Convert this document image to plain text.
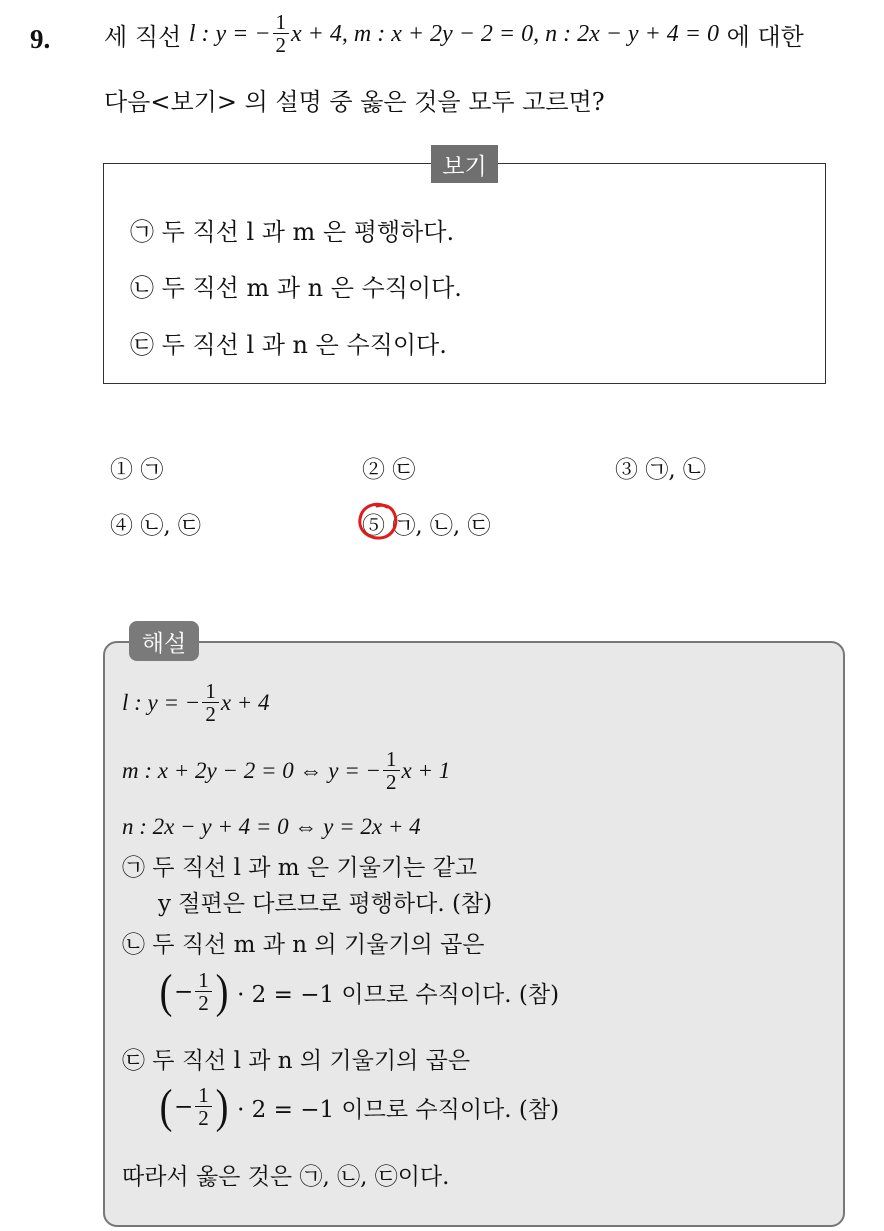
9. 세 직선
l : y = − $\frac{1}{2}$ x + 4, m : x + 2y − 2 = 0, n : 2x − y + 4 = 0
에 대한
다음<보기> 의 설명 중 옳은 것을 모두 고르면?
보기
㉠ 두 직선 l 과 m 은 평행하다.
㉡ 두 직선 m 과 n 은 수직이다.
㉢ 두 직선 l 과 n 은 수직이다.
① ㉠	② ㉢	③ ㉠, ㉡
④ ㉡, ㉢	⑤ ㉠, ㉡, ㉢
해설
l : y = − $\frac{1}{2}$ x + 4
m : x + 2y − 2 = 0 ⇔ y = − $\frac{1}{2}$ x + 1
n : 2x − y + 4 = 0 ⇔ y = 2x + 4
㉠ 두 직선 l 과 m 은 기울기는 같고
y 절편은 다르므로 평행하다. (참)
㉡ 두 직선 m 과 n 의 기울기의 곱은
( − $\frac{1}{2}$ )
· 2 = −1 이므로 수직이다. (참)
㉢ 두 직선 l 과 n 의 기울기의 곱은
( − $\frac{1}{2}$ )
· 2 = −1 이므로 수직이다. (참)
따라서 옳은 것은 ㉠, ㉡, ㉢이다.
